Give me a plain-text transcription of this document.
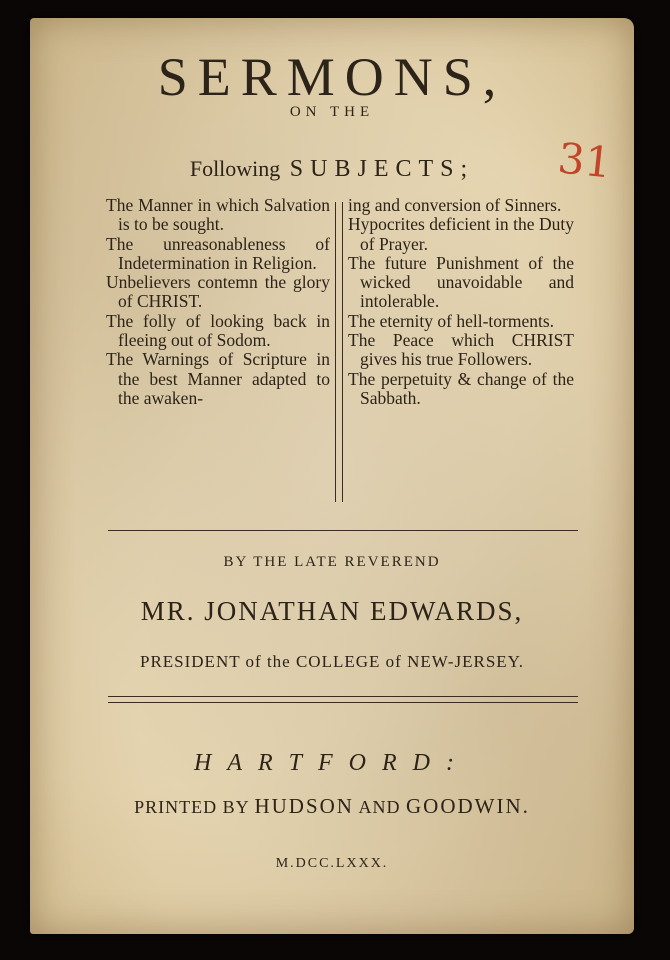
SERMONS,
ON THE
Following SUBJECTS;	31
The Manner in which Salvation is to be sought.
The unreasonableness of Indetermination in Religion.
Unbelievers contemn the glory of CHRIST.
The folly of looking back in fleeing out of Sodom.
The Warnings of Scripture in the best Manner adapted to the awaken-
ing and conversion of Sinners.
Hypocrites deficient in the Duty of Prayer.
The future Punishment of the wicked unavoidable and intolerable.
The eternity of hell-torments.
The Peace which CHRIST gives his true Followers.
The perpetuity & change of the Sabbath.
BY THE LATE REVEREND
MR. JONATHAN EDWARDS,
PRESIDENT of the COLLEGE of NEW-JERSEY.
HARTFORD:
PRINTED BY HUDSON AND GOODWIN.
M.DCC.LXXX.
